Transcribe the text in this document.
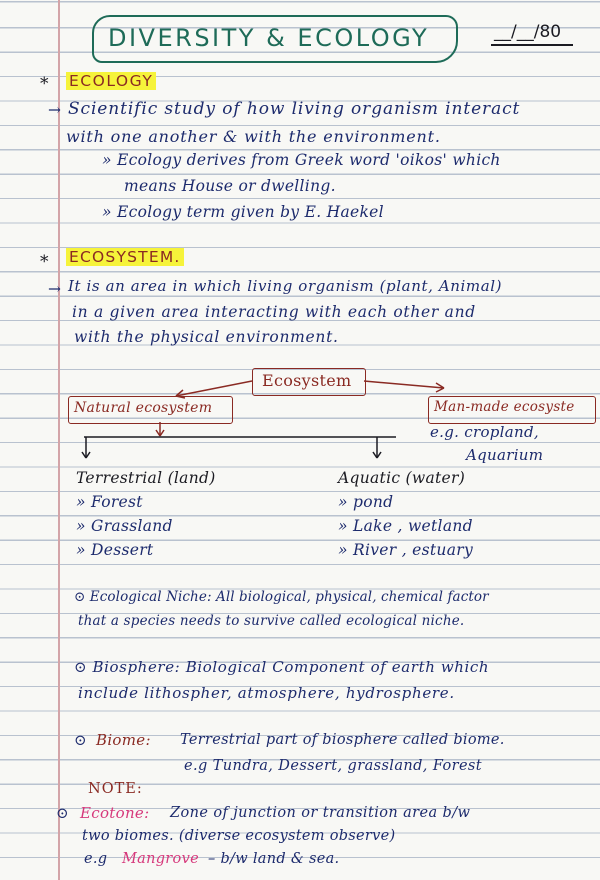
DIVERSITY & ECOLOGY	__/__/80
* ECOLOGY
→ Scientific study of how living organism interact
with one another & with the environment.
» Ecology derives from Greek word 'oikos' which
means House or dwelling.
» Ecology term given by E. Haekel
* ECOSYSTEM.
→ It is an area in which living organism (plant, Animal)
in a given area interacting with each other and
with the physical environment.
Ecosystem
Natural ecosystem	Man-made ecosyste
e.g. cropland,
Aquarium
Terrestrial (land)
» Forest
» Grassland
» Dessert
Aquatic (water)
» pond
» Lake , wetland
» River , estuary
⊙ Ecological Niche: All biological, physical, chemical factor
that a species needs to survive called ecological niche.
⊙ Biosphere: Biological Component of earth which
include lithospher, atmosphere, hydrosphere.
⊙ Biome: Terrestrial part of biosphere called biome.
e.g Tundra, Dessert, grassland, Forest
NOTE:
⊙ Ecotone: Zone of junction or transition area b/w
two biomes. (diverse ecosystem observe)
e.g Mangrove – b/w land & sea.
